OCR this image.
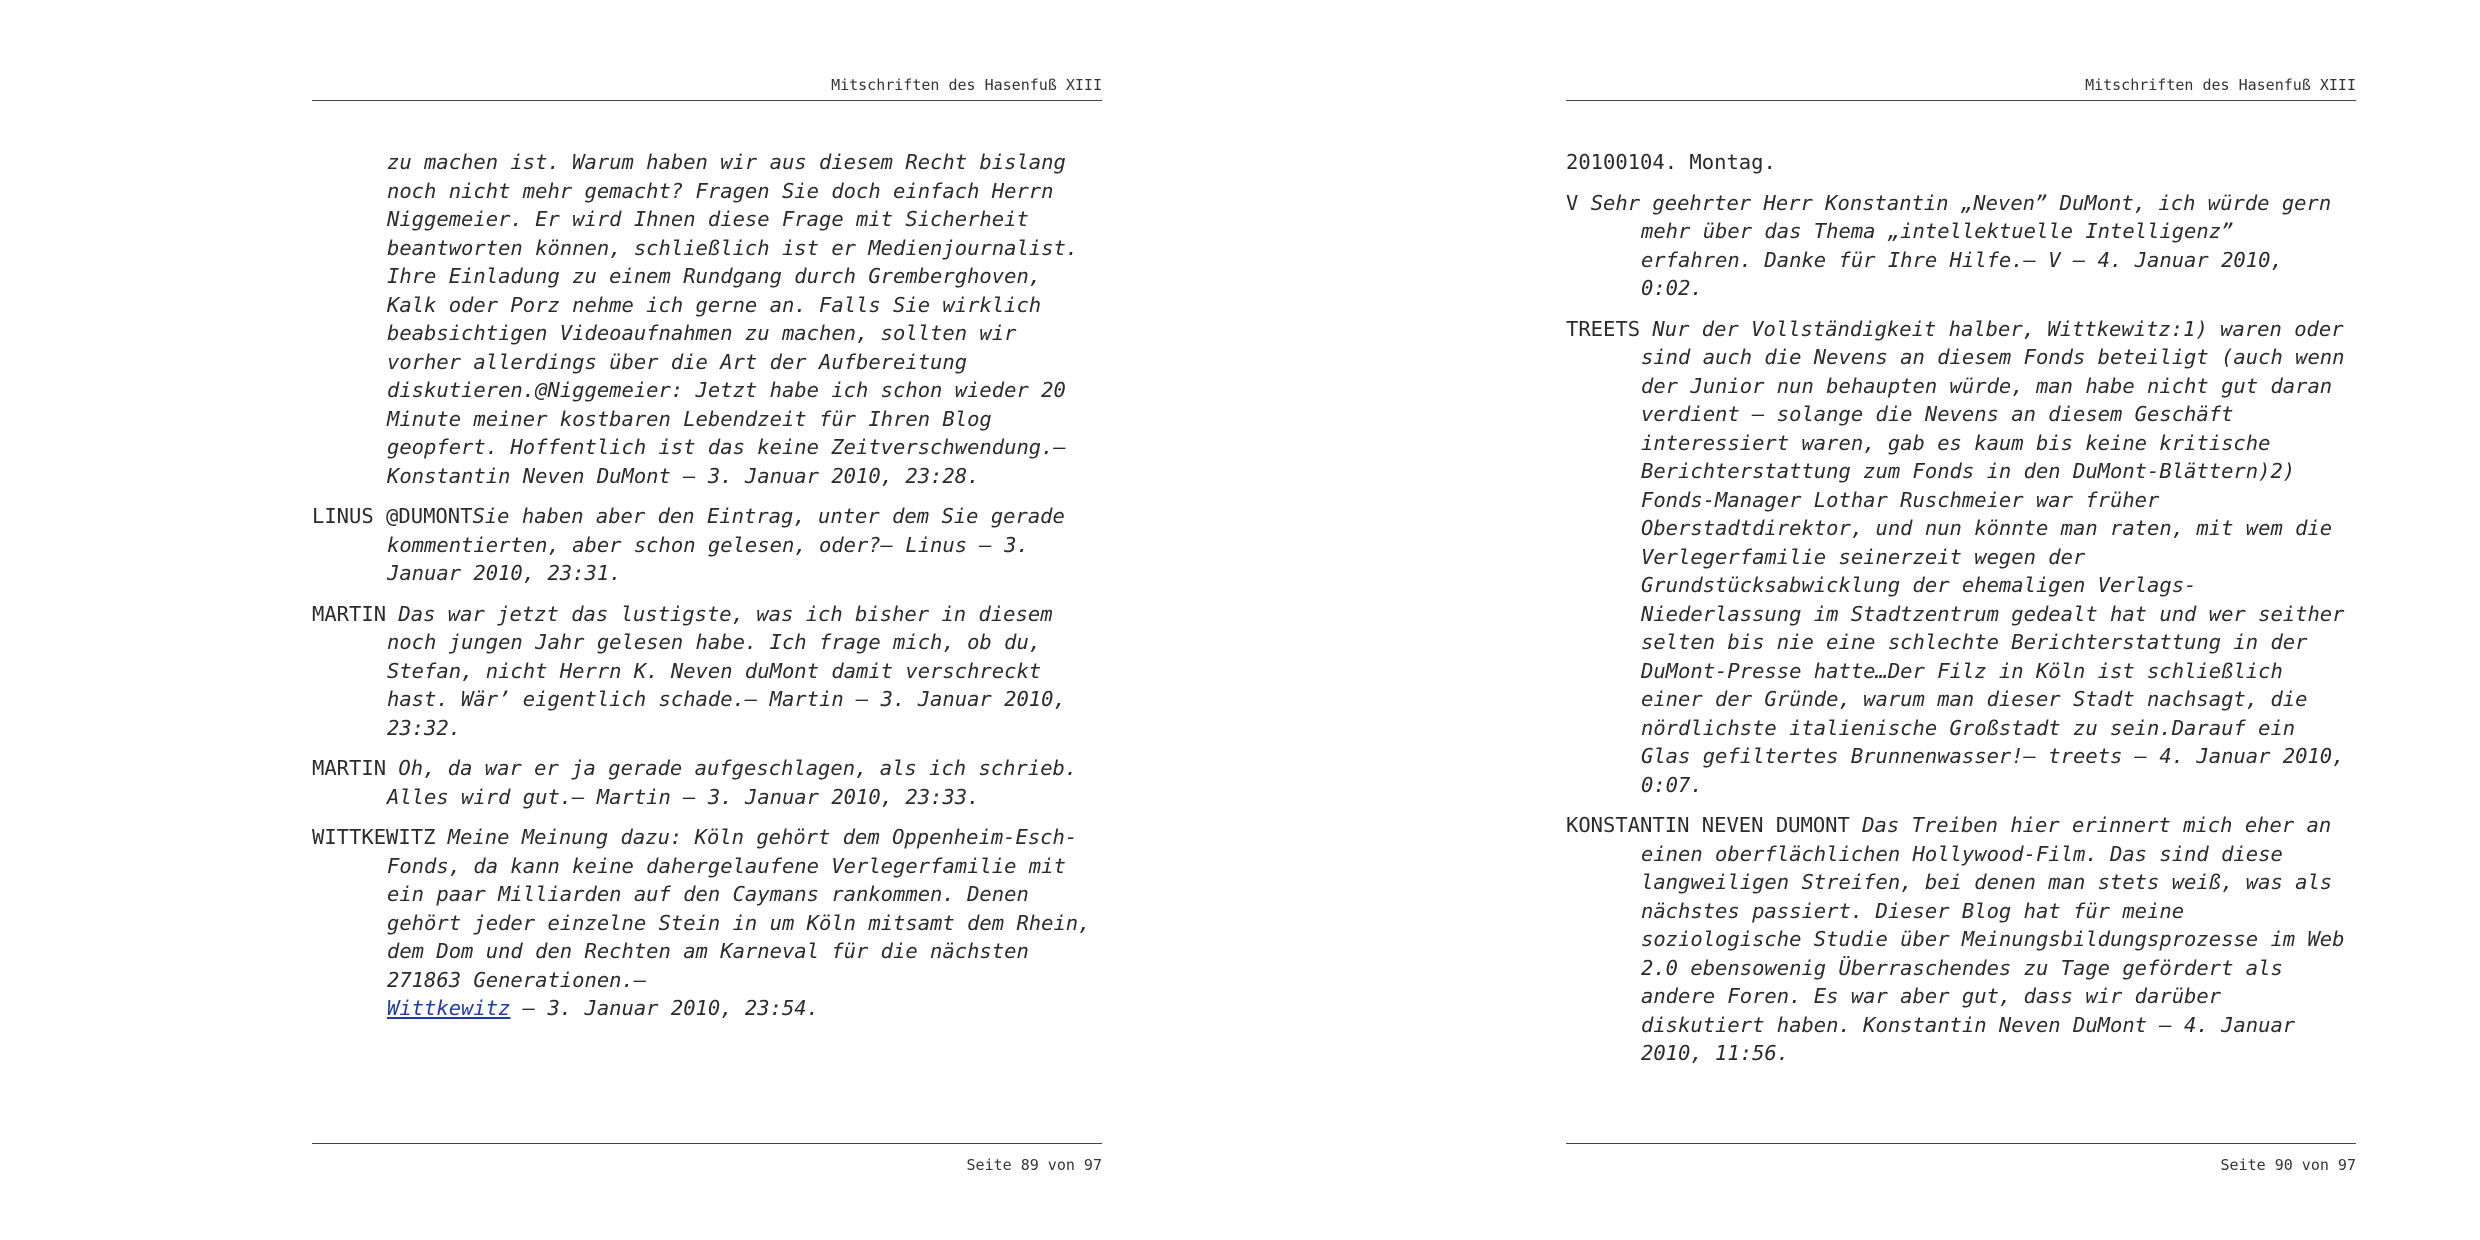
Mitschriften des Hasenfuß XIII

zu machen ist. Warum haben wir aus diesem Recht bislang noch nicht mehr gemacht? Fragen Sie doch einfach Herrn Niggemeier. Er wird Ihnen diese Frage mit Sicherheit beantworten können, schließlich ist er Medienjournalist. Ihre Einladung zu einem Rundgang durch Gremberghoven, Kalk oder Porz nehme ich gerne an. Falls Sie wirklich beabsichtigen Videoaufnahmen zu machen, sollten wir vorher allerdings über die Art der Aufbereitung diskutieren.@Niggemeier: Jetzt habe ich schon wieder 20 Minute meiner kostbaren Lebendzeit für Ihren Blog geopfert. Hoffentlich ist das keine Zeitverschwendung.— Konstantin Neven DuMont — 3. Januar 2010, 23:28.

LINUS @DUMONTSie haben aber den Eintrag, unter dem Sie gerade kommentierten, aber schon gelesen, oder?— Linus — 3. Januar 2010, 23:31.

MARTIN Das war jetzt das lustigste, was ich bisher in diesem noch jungen Jahr gelesen habe. Ich frage mich, ob du, Stefan, nicht Herrn K. Neven duMont damit verschreckt hast. Wär’ eigentlich schade.— Martin — 3. Januar 2010, 23:32.

MARTIN Oh, da war er ja gerade aufgeschlagen, als ich schrieb. Alles wird gut.— Martin — 3. Januar 2010, 23:33.

WITTKEWITZ Meine Meinung dazu: Köln gehört dem Oppenheim-Esch-Fonds, da kann keine dahergelaufene Verlegerfamilie mit ein paar Milliarden auf den Caymans rankommen. Denen gehört jeder einzelne Stein in um Köln mitsamt dem Rhein, dem Dom und den Rechten am Karneval für die nächsten 271863 Generationen.—
Wittkewitz — 3. Januar 2010, 23:54.

Seite 89 von 97
Mitschriften des Hasenfuß XIII

20100104. Montag.

V Sehr geehrter Herr Konstantin „Neven” DuMont, ich würde gern mehr über das Thema „intellektuelle Intelligenz” erfahren. Danke für Ihre Hilfe.— V — 4. Januar 2010, 0:02.

TREETS Nur der Vollständigkeit halber, Wittkewitz:1) waren oder sind auch die Nevens an diesem Fonds beteiligt (auch wenn der Junior nun behaupten würde, man habe nicht gut daran verdient – solange die Nevens an diesem Geschäft interessiert waren, gab es kaum bis keine kritische Berichterstattung zum Fonds in den DuMont-Blättern)2) Fonds-Manager Lothar Ruschmeier war früher Oberstadtdirektor, und nun könnte man raten, mit wem die Verlegerfamilie seinerzeit wegen der Grundstücksabwicklung der ehemaligen Verlags-Niederlassung im Stadtzentrum gedealt hat und wer seither selten bis nie eine schlechte Berichterstattung in der DuMont-Presse hatte…Der Filz in Köln ist schließlich einer der Gründe, warum man dieser Stadt nachsagt, die nördlichste italienische Großstadt zu sein.Darauf ein Glas gefiltertes Brunnenwasser!— treets — 4. Januar 2010, 0:07.

KONSTANTIN NEVEN DUMONT Das Treiben hier erinnert mich eher an einen oberflächlichen Hollywood-Film. Das sind diese langweiligen Streifen, bei denen man stets weiß, was als nächstes passiert. Dieser Blog hat für meine soziologische Studie über Meinungsbildungsprozesse im Web 2.0 ebensowenig Überraschendes zu Tage gefördert als andere Foren. Es war aber gut, dass wir darüber diskutiert haben. Konstantin Neven DuMont — 4. Januar 2010, 11:56.

Seite 90 von 97
